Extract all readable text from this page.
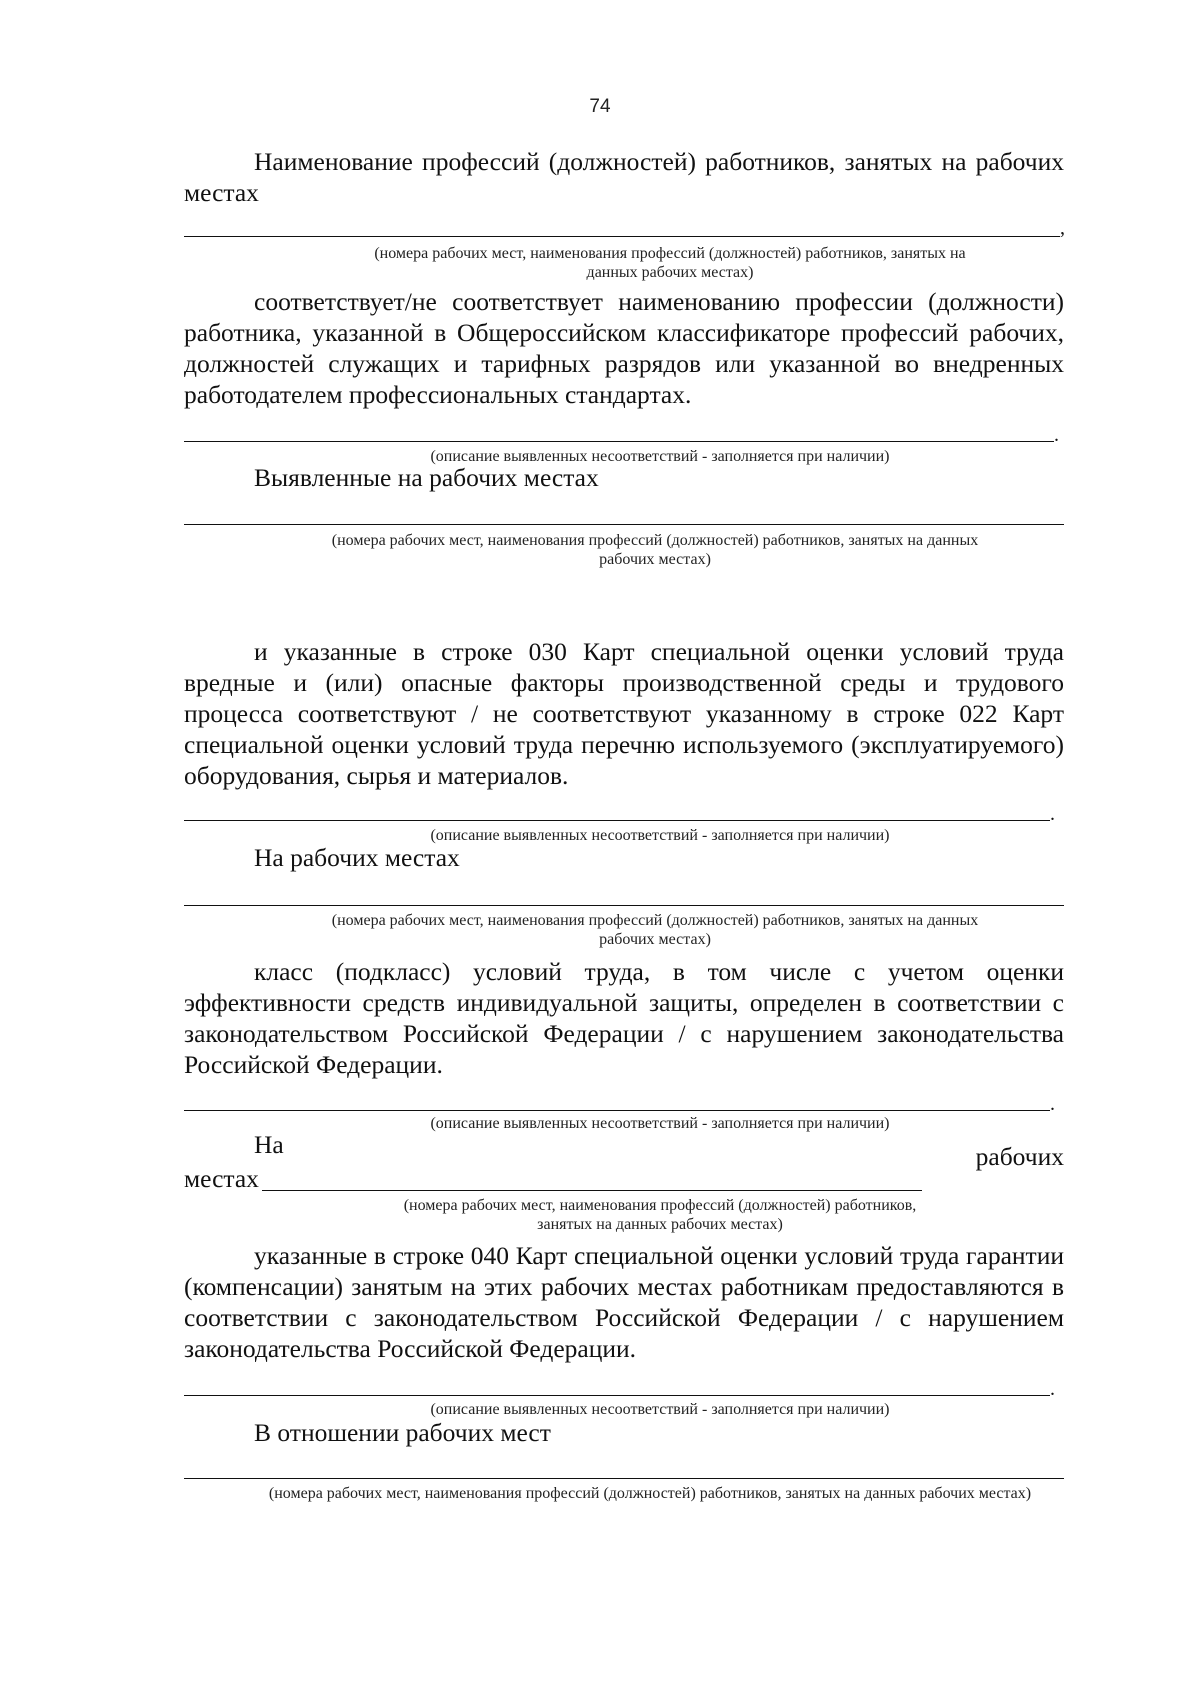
74
Наименование профессий (должностей) работников, занятых на рабочих местах
,
(номера рабочих мест, наименования профессий (должностей) работников, занятых на данных рабочих местах)
соответствует/не соответствует наименованию профессии (должности) работника, указанной в Общероссийском классификаторе профессий рабочих, должностей служащих и тарифных разрядов или указанной во внедренных работодателем профессиональных стандартах.
.
(описание выявленных несоответствий - заполняется при наличии)
Выявленные на рабочих местах
(номера рабочих мест, наименования профессий (должностей) работников, занятых на данных рабочих местах)
и указанные в строке 030 Карт специальной оценки условий труда вредные и (или) опасные факторы производственной среды и трудового процесса соответствуют / не соответствуют указанному в строке 022 Карт специальной оценки условий труда перечню используемого (эксплуатируемого) оборудования, сырья и материалов.
.
(описание выявленных несоответствий - заполняется при наличии)
На рабочих местах
(номера рабочих мест, наименования профессий (должностей) работников, занятых на данных рабочих местах)
класс (подкласс) условий труда, в том числе с учетом оценки эффективности средств индивидуальной защиты, определен в соответствии с законодательством Российской Федерации / с нарушением законодательства Российской Федерации.
.
(описание выявленных несоответствий - заполняется при наличии)
На	рабочих
местах
(номера рабочих мест, наименования профессий (должностей) работников, занятых на данных рабочих местах)
указанные в строке 040 Карт специальной оценки условий труда гарантии (компенсации) занятым на этих рабочих местах работникам предоставляются в соответствии с законодательством Российской Федерации / с нарушением законодательства Российской Федерации.
.
(описание выявленных несоответствий - заполняется при наличии)
В отношении рабочих мест
(номера рабочих мест, наименования профессий (должностей) работников, занятых на данных рабочих местах)
